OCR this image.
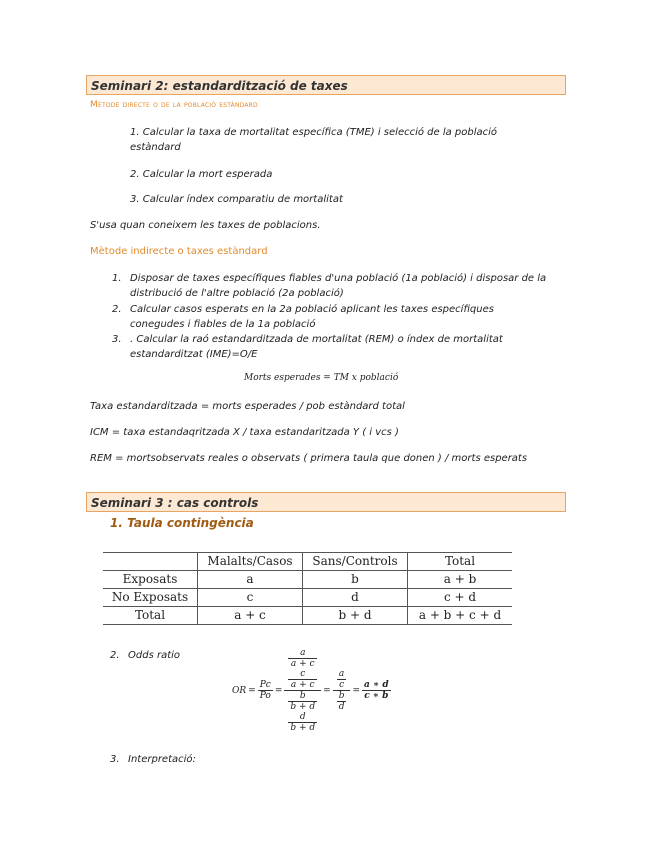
Seminari 2: estandardització de taxes
Mètode directe o de la població estàndard
1. Calcular la taxa de mortalitat específica (TME) i selecció de la població estàndard
2. Calcular la mort esperada
3. Calcular índex comparatiu de mortalitat
S'usa quan coneixem les taxes de poblacions.
Mètode indirecte o taxes estàndard
1. Disposar de taxes específiques fiables d'una població (1a població) i disposar de la distribució de l'altre població (2a població)
2. Calcular casos esperats en la 2a població aplicant les taxes específiques conegudes i fiables de la 1a població
3. . Calcular la raó estandarditzada de mortalitat (REM) o índex de mortalitat estandarditzat (IME)=O/E
Morts esperades = TM x població
Taxa estandarditzada = morts esperades / pob estàndard total
ICM = taxa estandaqritzada X / taxa estandaritzada Y ( i vcs )
REM = mortsobservats reales o observats ( primera taula que donen ) / morts esperats
Seminari 3 : cas controls
1. Taula contingència
	Malalts/Casos	Sans/Controls	Total
Exposats	a	b	a + b
No Exposats	c	d	c + d
Total	a + c	b + d	a + b + c + d
2. Odds ratio
OR = $\frac{Pc}{Po} = a$
a + c
c
a + c
b
b + d
d
b + d = a
c
b
$d = \frac{a ∗ d}{c ∗ b}$
3. Interpretació:
